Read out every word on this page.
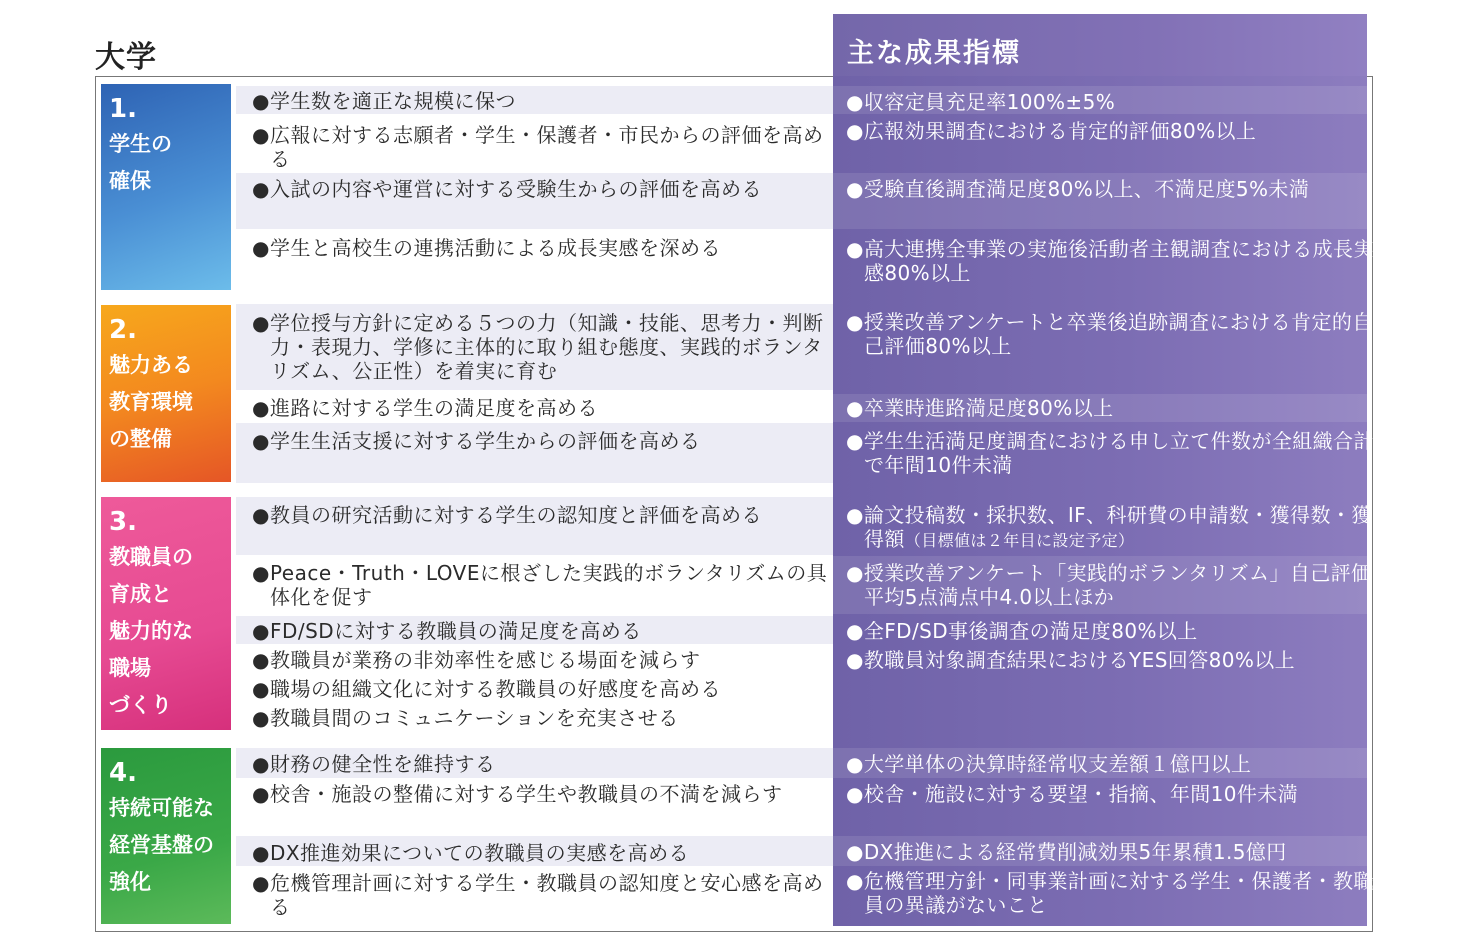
大学	主な成果指標
1.
学生の
確保
2.
魅力ある
教育環境
の整備
3.
教職員の
育成と
魅力的な
職場
づくり
4.
持続可能な
経営基盤の
強化
●学生数を適正な規模に保つ
●広報に対する志願者・学生・保護者・市民からの評価を高める
●入試の内容や運営に対する受験生からの評価を高める
●学生と高校生の連携活動による成長実感を深める
●学位授与方針に定める５つの力（知識・技能、思考力・判断力・表現力、学修に主体的に取り組む態度、実践的ボランタリズム、公正性）を着実に育む
●進路に対する学生の満足度を高める
●学生生活支援に対する学生からの評価を高める
●教員の研究活動に対する学生の認知度と評価を高める
●Peace・Truth・LOVEに根ざした実践的ボランタリズムの具体化を促す
●FD/SDに対する教職員の満足度を高める
●教職員が業務の非効率性を感じる場面を減らす
●職場の組織文化に対する教職員の好感度を高める
●教職員間のコミュニケーションを充実させる
●財務の健全性を維持する
●校舎・施設の整備に対する学生や教職員の不満を減らす
●DX推進効果についての教職員の実感を高める
●危機管理計画に対する学生・教職員の認知度と安心感を高める
●収容定員充足率100%±5%
●広報効果調査における肯定的評価80%以上
●受験直後調査満足度80%以上、不満足度5%未満
●高大連携全事業の実施後活動者主観調査における成長実感80%以上
●授業改善アンケートと卒業後追跡調査における肯定的自己評価80%以上
●卒業時進路満足度80%以上
●学生生活満足度調査における申し立て件数が全組織合計で年間10件未満
●論文投稿数・採択数、IF、科研費の申請数・獲得数・獲得額（目標値は２年目に設定予定）
●授業改善アンケート「実践的ボランタリズム」自己評価平均5点満点中4.0以上ほか
●全FD/SD事後調査の満足度80%以上
●教職員対象調査結果におけるYES回答80%以上
●大学単体の決算時経常収支差額１億円以上
●校舎・施設に対する要望・指摘、年間10件未満
●DX推進による経常費削減効果5年累積1.5億円
●危機管理方針・同事業計画に対する学生・保護者・教職員の異議がないこと
